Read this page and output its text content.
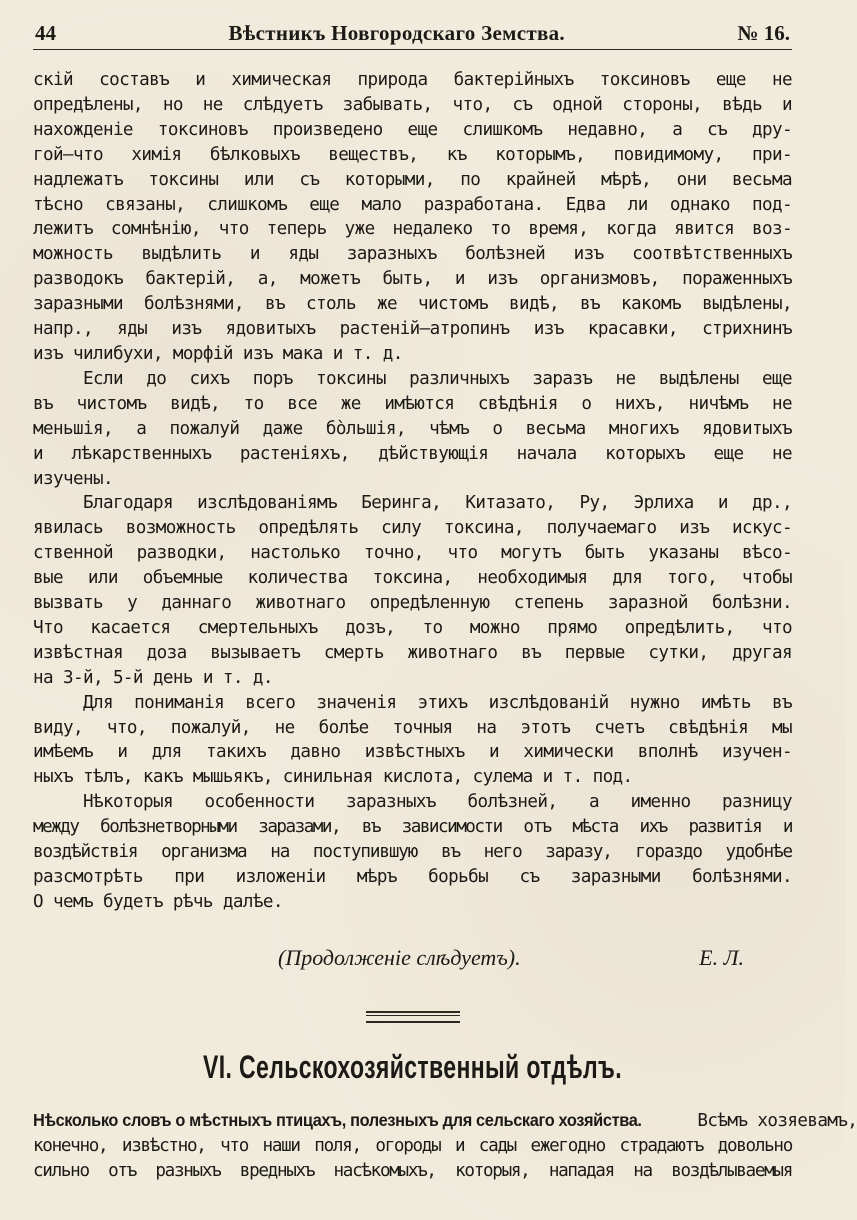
44	Вѣстникъ Новгородскаго Земства.	№ 16.
скій составъ и химическая природа бактерійныхъ токсиновъ еще не
опредѣлены, но не слѣдуетъ забывать, что, съ одной стороны, вѣдь и
нахожденіе токсиновъ произведено еще слишкомъ недавно, а съ дру-
гой—что химія бѣлковыхъ веществъ, къ которымъ, повидимому, при-
надлежатъ токсины или съ которыми, по крайней мѣрѣ, они весьма
тѣсно связаны, слишкомъ еще мало разработана. Едва ли однако под-
лежитъ сомнѣнію, что теперь уже недалеко то время, когда явится воз-
можность выдѣлить и яды заразныхъ болѣзней изъ соотвѣтственныхъ
разводокъ бактерій, а, можетъ быть, и изъ организмовъ, пораженныхъ
заразными болѣзнями, въ столь же чистомъ видѣ, въ какомъ выдѣлены,
напр., яды изъ ядовитыхъ растеній—атропинъ изъ красавки, стрихнинъ
изъ чилибухи, морфій изъ мака и т. д.
Если до сихъ поръ токсины различныхъ заразъ не выдѣлены еще
въ чистомъ видѣ, то все же имѣются свѣдѣнія о нихъ, ничѣмъ не
меньшія, а пожалуй даже бо̀льшія, чѣмъ о весьма многихъ ядовитыхъ
и лѣкарственныхъ растеніяхъ, дѣйствующія начала которыхъ еще не
изучены.
Благодаря изслѣдованіямъ Беринга, Китазато, Ру, Эрлиха и др.,
явилась возможность опредѣлять силу токсина, получаемаго изъ искус-
ственной разводки, настолько точно, что могутъ быть указаны вѣсо-
вые или объемные количества токсина, необходимыя для того, чтобы
вызвать у даннаго животнаго опредѣленную степень заразной болѣзни.
Что касается смертельныхъ дозъ, то можно прямо опредѣлить, что
извѣстная доза вызываетъ смерть животнаго въ первые сутки, другая
на 3-й, 5-й день и т. д.
Для пониманія всего значенія этихъ изслѣдованій нужно имѣть въ
виду, что, пожалуй, не болѣе точныя на этотъ счетъ свѣдѣнія мы
имѣемъ и для такихъ давно извѣстныхъ и химически вполнѣ изучен-
ныхъ тѣлъ, какъ мышьякъ, синильная кислота, сулема и т. под.
Нѣкоторыя особенности заразныхъ болѣзней, а именно разницу
между болѣзнетворными заразами, въ зависимости отъ мѣста ихъ развитія и
воздѣйствія организма на поступившую въ него заразу, гораздо удобнѣе
разсмотрѣть при изложеніи мѣръ борьбы съ заразными болѣзнями.
О чемъ будетъ рѣчь далѣе.
(Продолженіе слѣдуетъ).	Е. Л.
VI. Сельскохозяйственный отдѣлъ.
Нѣсколько словъ о мѣстныхъ птицахъ, полезныхъ для сельскаго хозяйства.	Всѣмъ хозяевамъ,
конечно, извѣстно, что наши поля, огороды и сады ежегодно страдаютъ довольно
сильно отъ разныхъ вредныхъ насѣкомыхъ, которыя, нападая на воздѣлываемыя
